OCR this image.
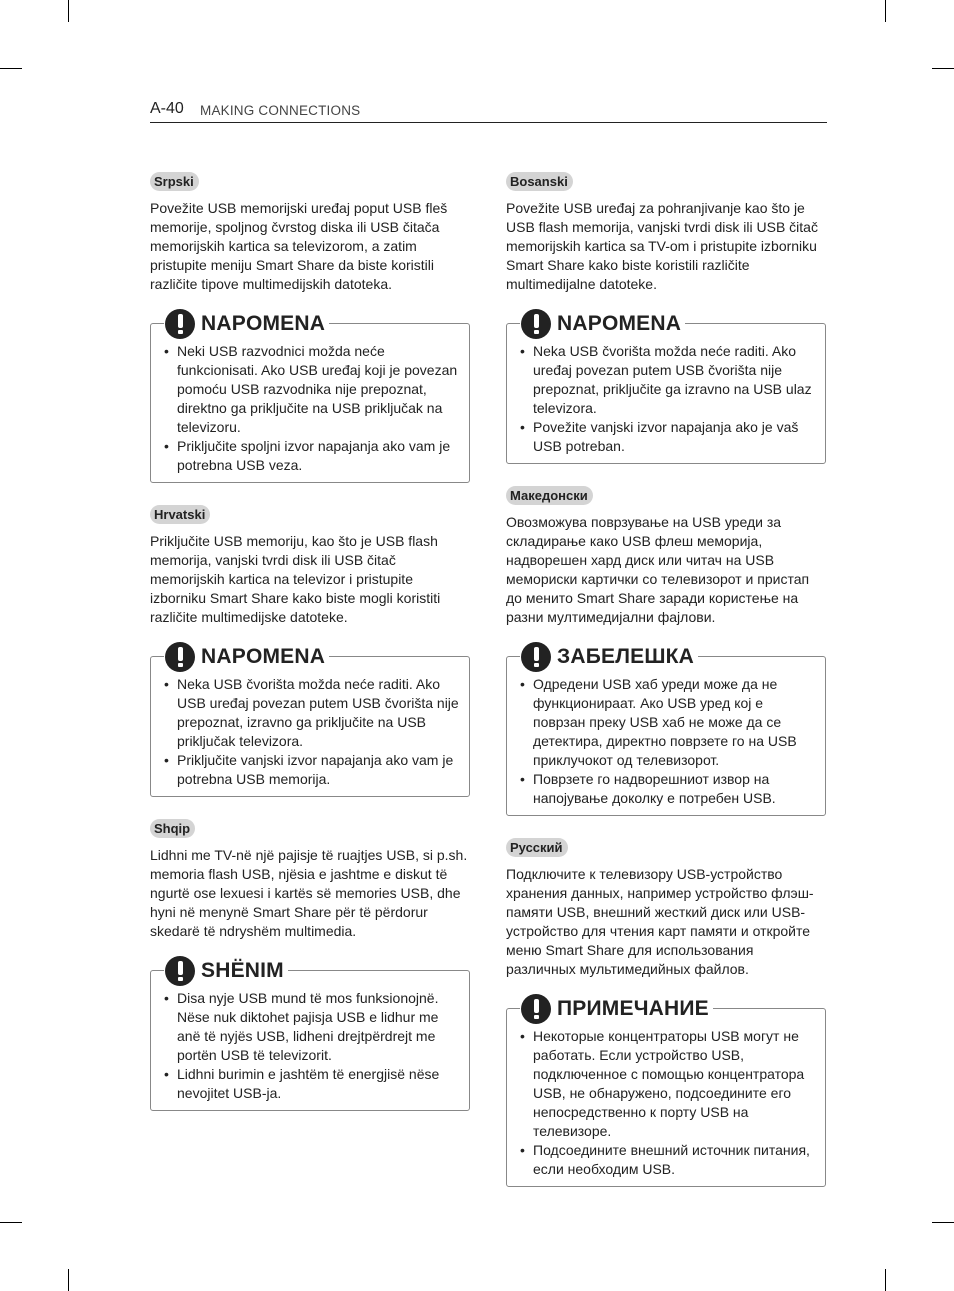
A-40 MAKING CONNECTIONS
Srpski

Povežite USB memorijski uređaj poput USB fleš memorije, spoljnog čvrstog diska ili USB čitača memorijskih kartica sa televizorom, a zatim pristupite meniju Smart Share da biste koristili različite tipove multimedijskih datoteka.

NAPOMENA
• Neki USB razvodnici možda neće funkcionisati. Ako USB uređaj koji je povezan pomoću USB razvodnika nije prepoznat, direktno ga priključite na USB priključak na televizoru.
• Priključite spoljni izvor napajanja ako vam je potrebna USB veza.
Hrvatski

Priključite USB memoriju, kao što je USB flash memorija, vanjski tvrdi disk ili USB čitač memorijskih kartica na televizor i pristupite izborniku Smart Share kako biste mogli koristiti različite multimedijske datoteke.

NAPOMENA
• Neka USB čvorišta možda neće raditi. Ako USB uređaj povezan putem USB čvorišta nije prepoznat, izravno ga priključite na USB priključak televizora.
• Priključite vanjski izvor napajanja ako vam je potrebna USB memorija.
Shqip

Lidhni me TV-në një pajisje të ruajtjes USB, si p.sh. memoria flash USB, njësia e jashtme e diskut të ngurtë ose lexuesi i kartës së memories USB, dhe hyni në menynë Smart Share për të përdorur skedarë të ndryshëm multimedia.

SHËNIM
• Disa nyje USB mund të mos funksionojnë. Nëse nuk diktohet pajisja USB e lidhur me anë të nyjës USB, lidheni drejtpërdrejt me portën USB të televizorit.
• Lidhni burimin e jashtëm të energjisë nëse nevojitet USB-ja.
Bosanski

Povežite USB uređaj za pohranjivanje kao što je USB flash memorija, vanjski tvrdi disk ili USB čitač memorijskih kartica sa TV-om i pristupite izborniku Smart Share kako biste koristili različite multimedijalne datoteke.

NAPOMENA
• Neka USB čvorišta možda neće raditi. Ako uređaj povezan putem USB čvorišta nije prepoznat, priključite ga izravno na USB ulaz televizora.
• Povežite vanjski izvor napajanja ako je vaš USB potreban.
Македонски

Овозможува поврзување на USB уреди за складирање како USB флеш меморија, надворешен хард диск или читач на USB мемориски картички со телевизорот и пристап до менито Smart Share заради користење на разни мултимедијални фајлови.

ЗАБЕЛЕШКА
• Одредени USB хаб уреди може да не функционираат. Ако USB уред кој е поврзан преку USB хаб не може да се детектира, директно поврзете го на USB приклучокот од телевизорот.
• Поврзете го надворешниот извор на напојување доколку е потребен USB.
Русский

Подключите к телевизору USB-устройство хранения данных, например устройство флэш-памяти USB, внешний жесткий диск или USB-устройство для чтения карт памяти и откройте меню Smart Share для использования различных мультимедийных файлов.

ПРИМЕЧАНИЕ
• Некоторые концентраторы USB могут не работать. Если устройство USB, подключенное с помощью концентратора USB, не обнаружено, подсоедините его непосредственно к порту USB на телевизоре.
• Подсоедините внешний источник питания, если необходим USB.
